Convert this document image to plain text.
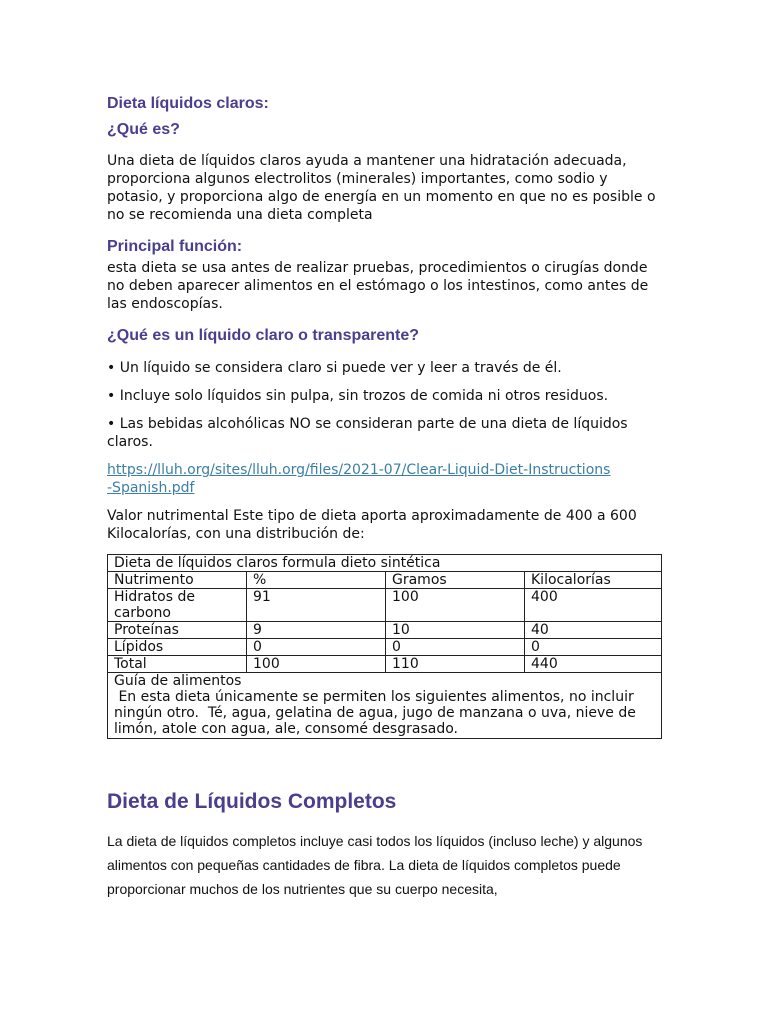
Dieta líquidos claros:
¿Qué es?

Una dieta de líquidos claros ayuda a mantener una hidratación adecuada, proporciona algunos electrolitos (minerales) importantes, como sodio y potasio, y proporciona algo de energía en un momento en que no es posible o no se recomienda una dieta completa

Principal función:

esta dieta se usa antes de realizar pruebas, procedimientos o cirugías donde no deben aparecer alimentos en el estómago o los intestinos, como antes de las endoscopías.

¿Qué es un líquido claro o transparente?

• Un líquido se considera claro si puede ver y leer a través de él.

• Incluye solo líquidos sin pulpa, sin trozos de comida ni otros residuos.

• Las bebidas alcohólicas NO se consideran parte de una dieta de líquidos claros.

https://lluh.org/sites/lluh.org/files/2021-07/Clear-Liquid-Diet-Instructions-Spanish.pdf

Valor nutrimental Este tipo de dieta aporta aproximadamente de 400 a 600 Kilocalorías, con una distribución de:

Dieta de líquidos claros formula dieto sintética			
Nutrimento	%	Gramos	Kilocalorías
Hidratos de carbono	91	100	400
Proteínas	9	10	40
Lípidos	0	0	0
Total	100	110	440

Guía de alimentos
En esta dieta únicamente se permiten los siguientes alimentos, no incluir ningún otro.  Té, agua, gelatina de agua, jugo de manzana o uva, nieve de limón, atole con agua, ale, consomé desgrasado.			
Dieta de Líquidos Completos

La dieta de líquidos completos incluye casi todos los líquidos (incluso leche) y algunos alimentos con pequeñas cantidades de fibra. La dieta de líquidos completos puede proporcionar muchos de los nutrientes que su cuerpo necesita,
